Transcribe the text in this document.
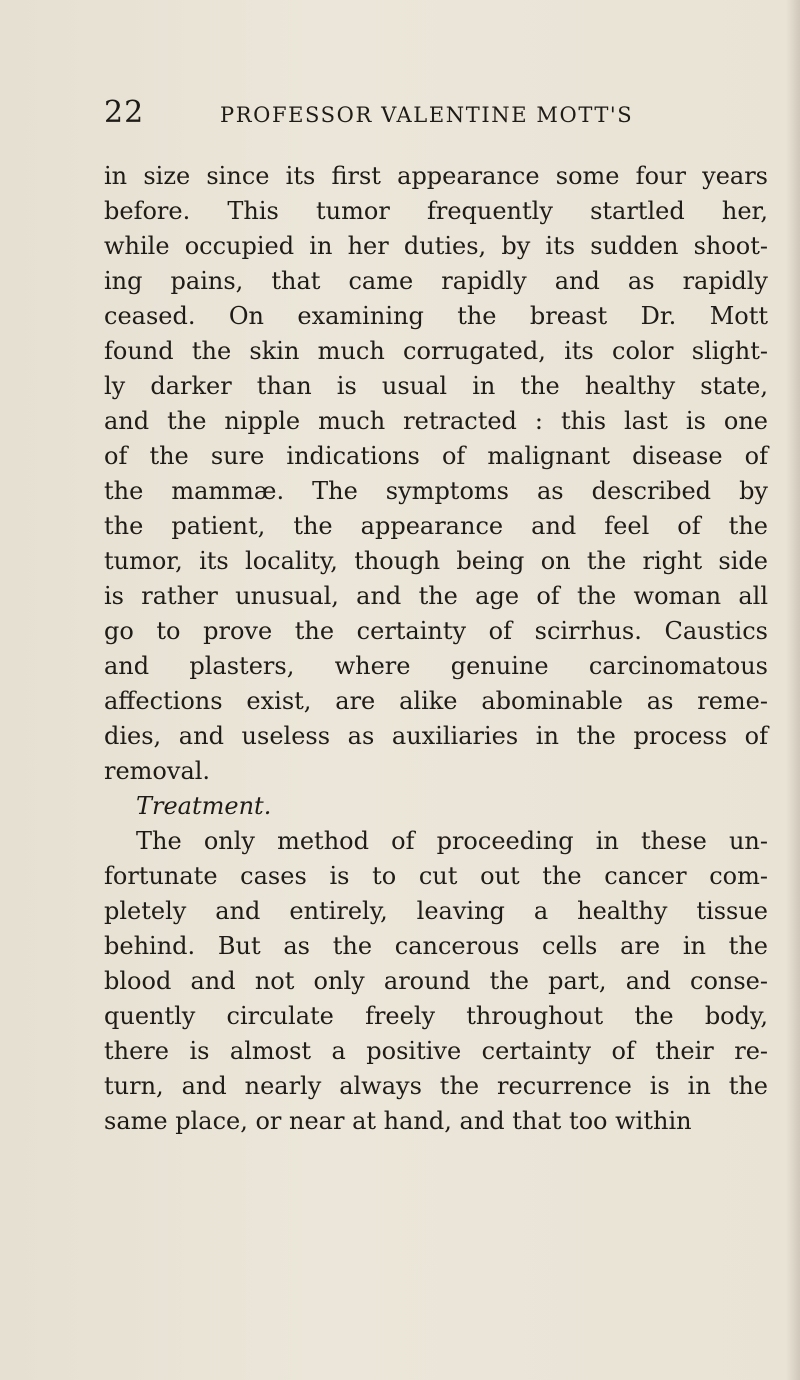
22	PROFESSOR VALENTINE MOTT'S
in size since its first appearance some four years
before. This tumor frequently startled her,
while occupied in her duties, by its sudden shoot-
ing pains, that came rapidly and as rapidly
ceased. On examining the breast Dr. Mott
found the skin much corrugated, its color slight-
ly darker than is usual in the healthy state,
and the nipple much retracted : this last is one
of the sure indications of malignant disease of
the mammæ. The symptoms as described by
the patient, the appearance and feel of the
tumor, its locality, though being on the right side
is rather unusual, and the age of the woman all
go to prove the certainty of scirrhus. Caustics
and plasters, where genuine carcinomatous
affections exist, are alike abominable as reme-
dies, and useless as auxiliaries in the process of
removal.
Treatment.
The only method of proceeding in these un-
fortunate cases is to cut out the cancer com-
pletely and entirely, leaving a healthy tissue
behind. But as the cancerous cells are in the
blood and not only around the part, and conse-
quently circulate freely throughout the body,
there is almost a positive certainty of their re-
turn, and nearly always the recurrence is in the
same place, or near at hand, and that too within
